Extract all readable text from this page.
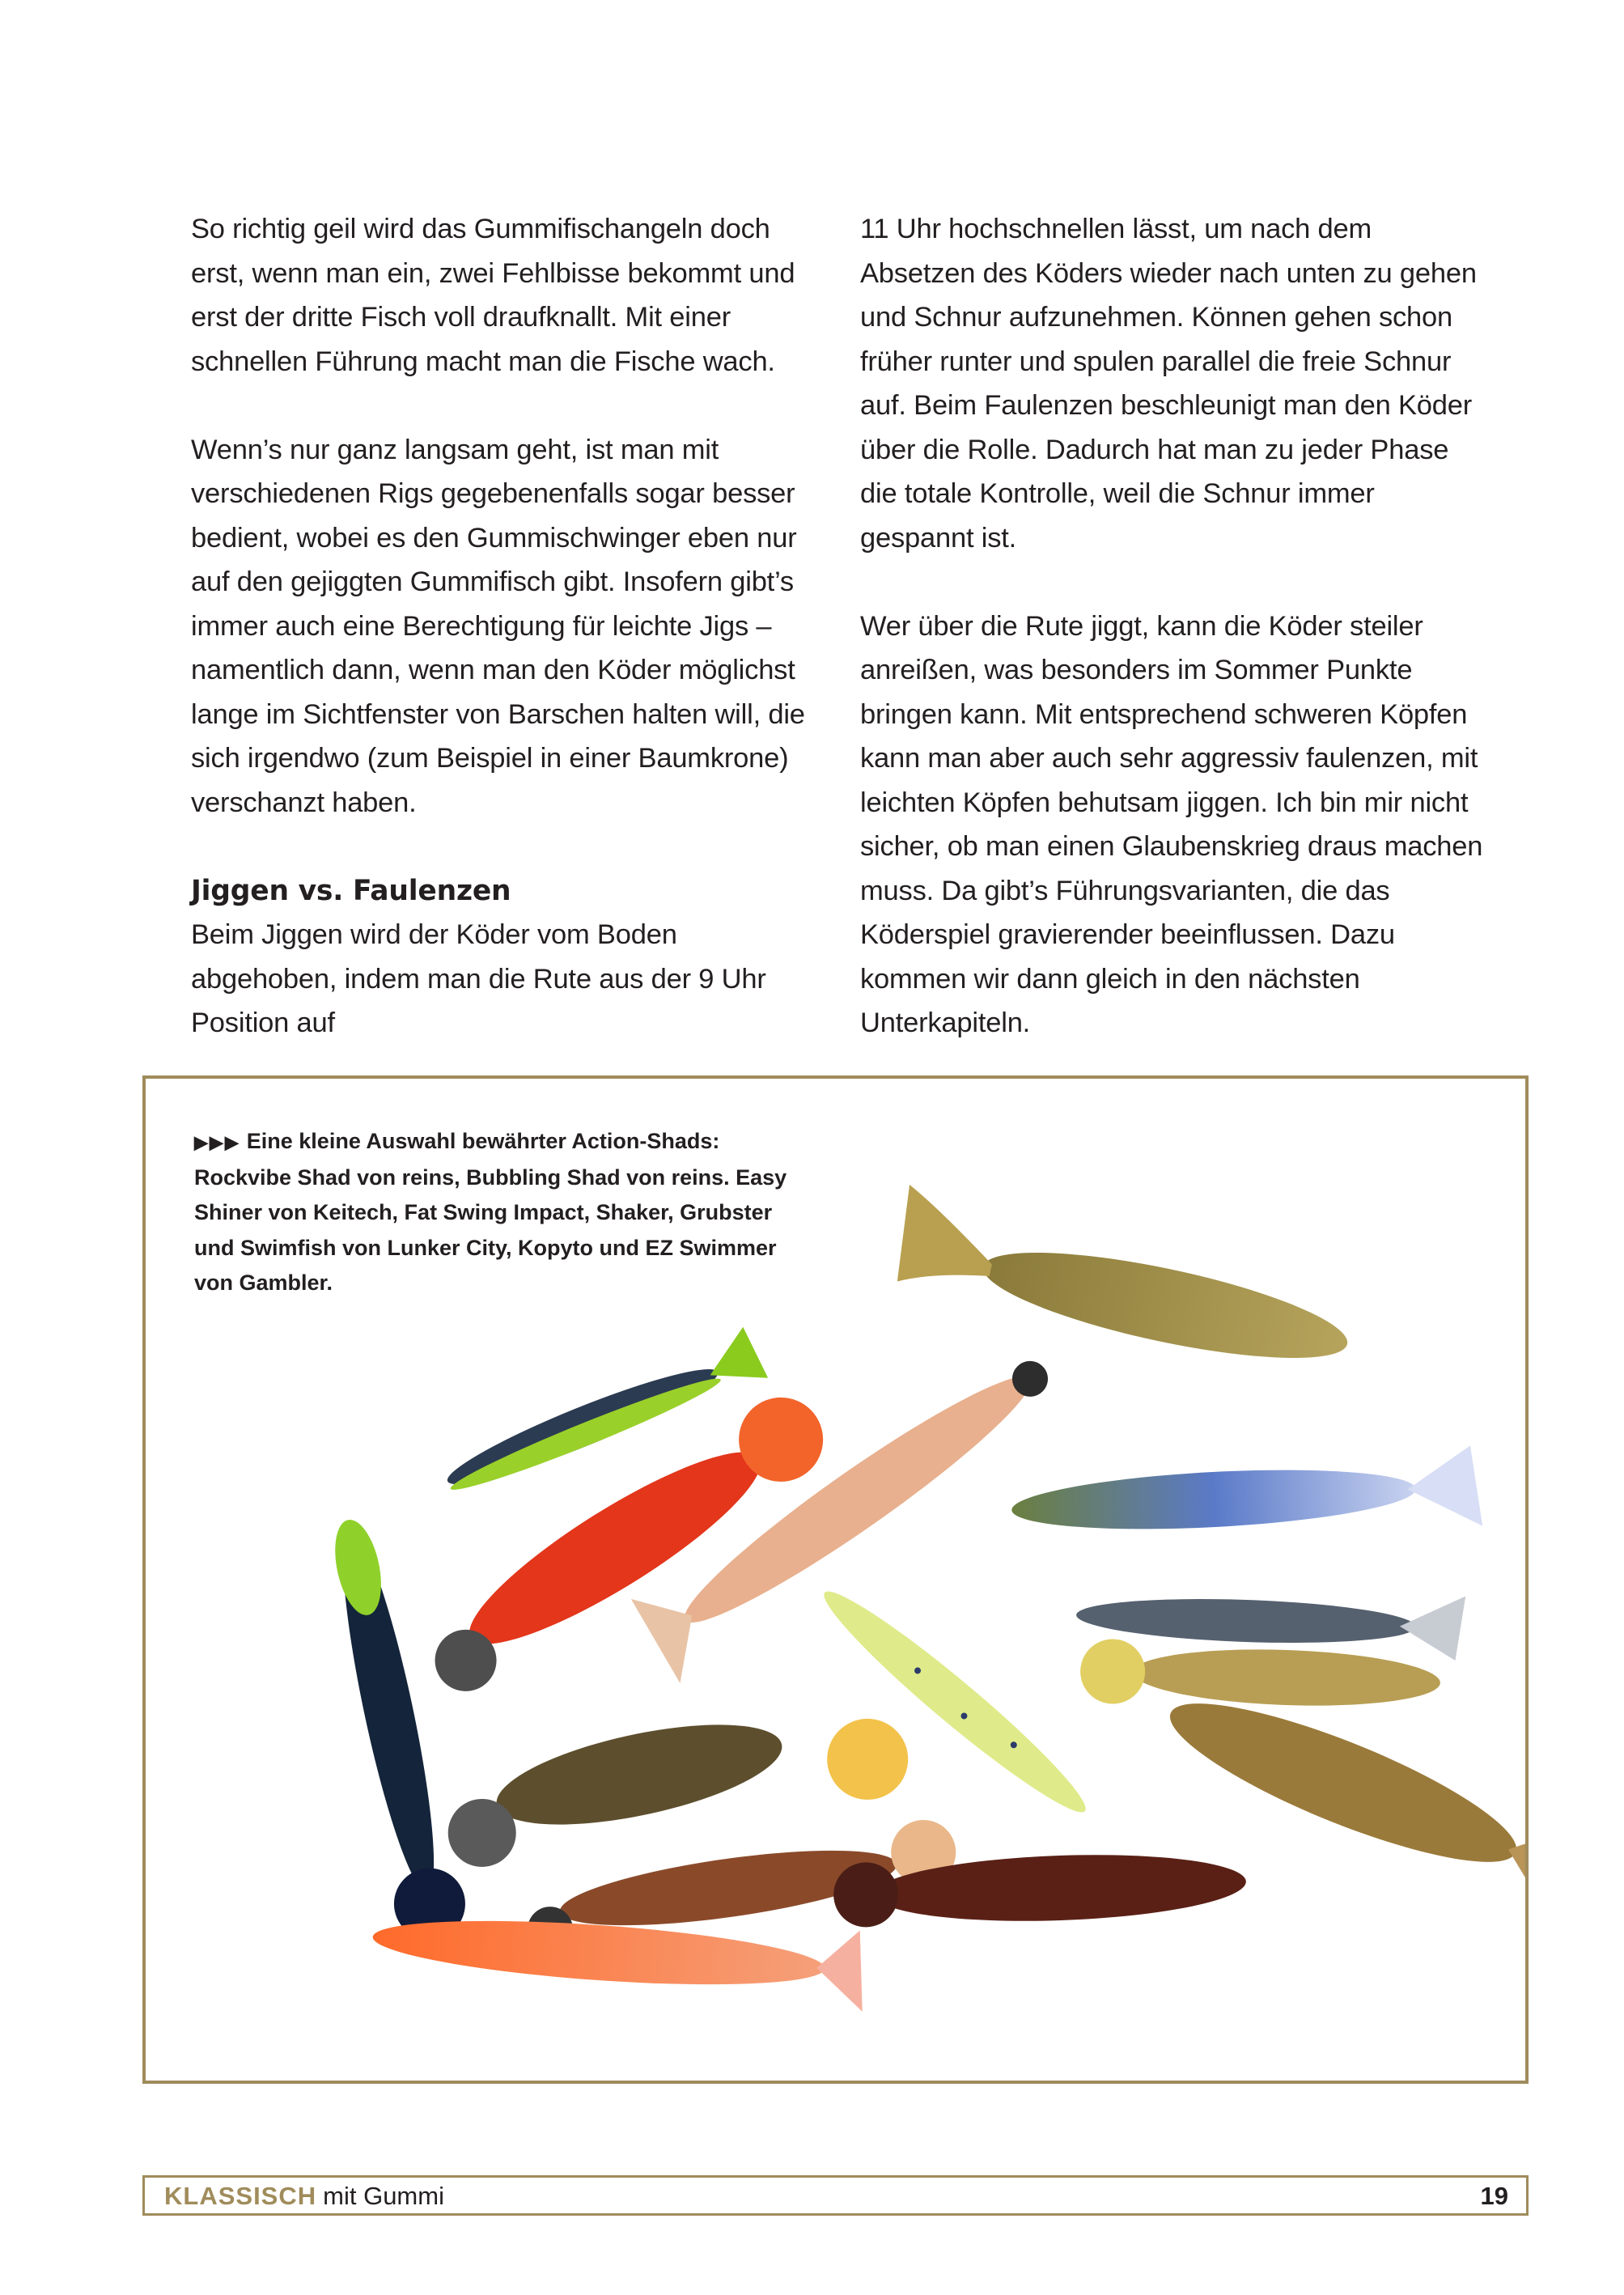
So richtig geil wird das Gummifischangeln doch erst, wenn man ein, zwei Fehlbisse bekommt und erst der dritte Fisch voll draufknallt. Mit einer schnellen Führung macht man die Fische wach.

Wenn’s nur ganz langsam geht, ist man mit verschiedenen Rigs gegebenenfalls sogar besser bedient, wobei es den Gummischwinger eben nur auf den gejiggten Gummifisch gibt. Insofern gibt’s immer auch eine Berechtigung für leichte Jigs – namentlich dann, wenn man den Köder möglichst lange im Sichtfenster von Barschen halten will, die sich irgendwo (zum Beispiel in einer Baumkrone) verschanzt haben.

Jiggen vs. Faulenzen

Beim Jiggen wird der Köder vom Boden abgehoben, indem man die Rute aus der 9 Uhr Position auf

11 Uhr hochschnellen lässt, um nach dem Absetzen des Köders wieder nach unten zu gehen und Schnur aufzunehmen. Können gehen schon früher runter und spulen parallel die freie Schnur auf. Beim Faulenzen beschleunigt man den Köder über die Rolle. Dadurch hat man zu jeder Phase die totale Kontrolle, weil die Schnur immer gespannt ist.

Wer über die Rute jiggt, kann die Köder steiler anreißen, was besonders im Sommer Punkte bringen kann. Mit entsprechend schweren Köpfen kann man aber auch sehr aggressiv faulenzen, mit leichten Köpfen behutsam jiggen. Ich bin mir nicht sicher, ob man einen Glaubenskrieg draus machen muss. Da gibt’s Führungsvarianten, die das Köderspiel gravierender beeinflussen. Dazu kommen wir dann gleich in den nächsten Unterkapiteln.

▶▶▶ Eine kleine Auswahl bewährter Action-Shads: Rockvibe Shad von reins, Bubbling Shad von reins. Easy Shiner von Keitech, Fat Swing Impact, Shaker, Grubster und Swimfish von Lunker City, Kopyto und EZ Swimmer von Gambler.
KLASSISCH mit Gummi	19
